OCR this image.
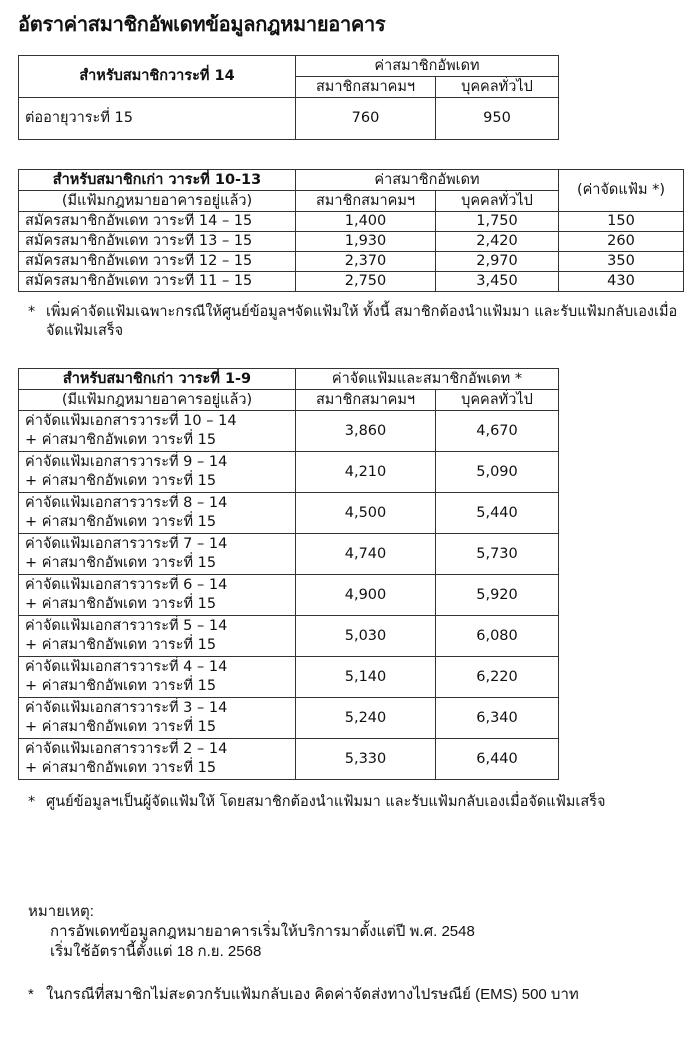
อัตราค่าสมาชิกอัพเดทข้อมูลกฎหมายอาคาร
สำหรับสมาชิกวาระที่ 14	ค่าสมาชิกอัพเดท	
	สมาชิกสมาคมฯ	บุคคลทั่วไป
ต่ออายุวาระที่ 15	760	950
สำหรับสมาชิกเก่า วาระที่ 10-13	ค่าสมาชิกอัพเดท		(ค่าจัดแฟ้ม *)
(มีแฟ้มกฎหมายอาคารอยู่แล้ว)	สมาชิกสมาคมฯ	บุคคลทั่วไป	
สมัครสมาชิกอัพเดท วาระที่ 14 – 15	1,400	1,750	150
สมัครสมาชิกอัพเดท วาระที่ 13 – 15	1,930	2,420	260
สมัครสมาชิกอัพเดท วาระที่ 12 – 15	2,370	2,970	350
สมัครสมาชิกอัพเดท วาระที่ 11 – 15	2,750	3,450	430
* เพิ่มค่าจัดแฟ้มเฉพาะกรณีให้ศูนย์ข้อมูลฯจัดแฟ้มให้ ทั้งนี้ สมาชิกต้องนำแฟ้มมา และรับแฟ้มกลับเองเมื่อจัดแฟ้มเสร็จ
สำหรับสมาชิกเก่า วาระที่ 1-9	ค่าจัดแฟ้มและสมาชิกอัพเดท *	
(มีแฟ้มกฎหมายอาคารอยู่แล้ว)	สมาชิกสมาคมฯ	บุคคลทั่วไป
ค่าจัดแฟ้มเอกสารวาระที่ 10 – 14
+ ค่าสมาชิกอัพเดท วาระที่ 15	3,860	4,670
ค่าจัดแฟ้มเอกสารวาระที่ 9 – 14
+ ค่าสมาชิกอัพเดท วาระที่ 15	4,210	5,090
ค่าจัดแฟ้มเอกสารวาระที่ 8 – 14
+ ค่าสมาชิกอัพเดท วาระที่ 15	4,500	5,440
ค่าจัดแฟ้มเอกสารวาระที่ 7 – 14
+ ค่าสมาชิกอัพเดท วาระที่ 15	4,740	5,730
ค่าจัดแฟ้มเอกสารวาระที่ 6 – 14
+ ค่าสมาชิกอัพเดท วาระที่ 15	4,900	5,920
ค่าจัดแฟ้มเอกสารวาระที่ 5 – 14
+ ค่าสมาชิกอัพเดท วาระที่ 15	5,030	6,080
ค่าจัดแฟ้มเอกสารวาระที่ 4 – 14
+ ค่าสมาชิกอัพเดท วาระที่ 15	5,140	6,220
ค่าจัดแฟ้มเอกสารวาระที่ 3 – 14
+ ค่าสมาชิกอัพเดท วาระที่ 15	5,240	6,340
ค่าจัดแฟ้มเอกสารวาระที่ 2 – 14
+ ค่าสมาชิกอัพเดท วาระที่ 15	5,330	6,440
* ศูนย์ข้อมูลฯเป็นผู้จัดแฟ้มให้ โดยสมาชิกต้องนำแฟ้มมา และรับแฟ้มกลับเองเมื่อจัดแฟ้มเสร็จ
หมายเหตุ:
การอัพเดทข้อมูลกฎหมายอาคารเริ่มให้บริการมาตั้งแต่ปี พ.ศ. 2548
เริ่มใช้อัตรานี้ตั้งแต่ 18 ก.ย. 2568
* ในกรณีที่สมาชิกไม่สะดวกรับแฟ้มกลับเอง คิดค่าจัดส่งทางไปรษณีย์ (EMS) 500 บาท
